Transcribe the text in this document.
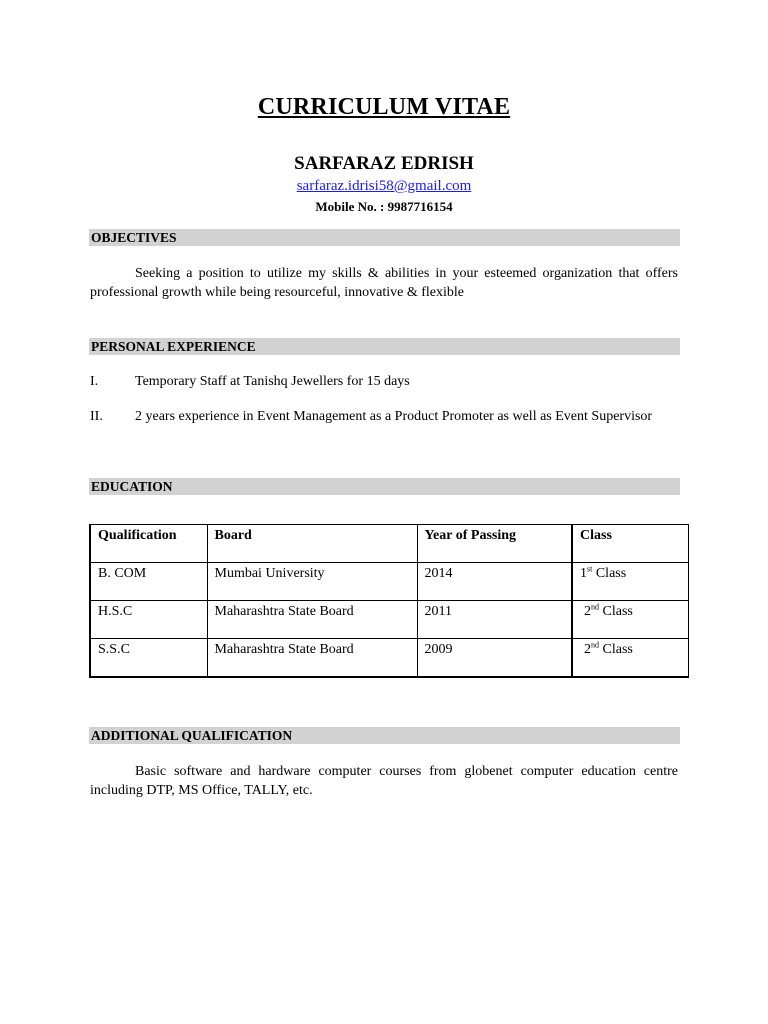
CURRICULUM VITAE
SARFARAZ EDRISH
sarfaraz.idrisi58@gmail.com
Mobile No. : 9987716154
OBJECTIVES
Seeking a position to utilize my skills & abilities in your esteemed organization that offers professional growth while being resourceful, innovative & flexible
PERSONAL EXPERIENCE
I.	Temporary Staff at Tanishq Jewellers for 15 days
II. 2 years experience in Event Management as a Product Promoter as well as Event Supervisor
EDUCATION
Qualification	Board	Year of Passing	Class
B. COM	Mumbai University	2014	1st Class
H.S.C	Maharashtra State Board	2011	2nd Class
S.S.C	Maharashtra State Board	2009	2nd Class
ADDITIONAL QUALIFICATION
Basic software and hardware computer courses from globenet computer education centre including DTP, MS Office, TALLY, etc.
